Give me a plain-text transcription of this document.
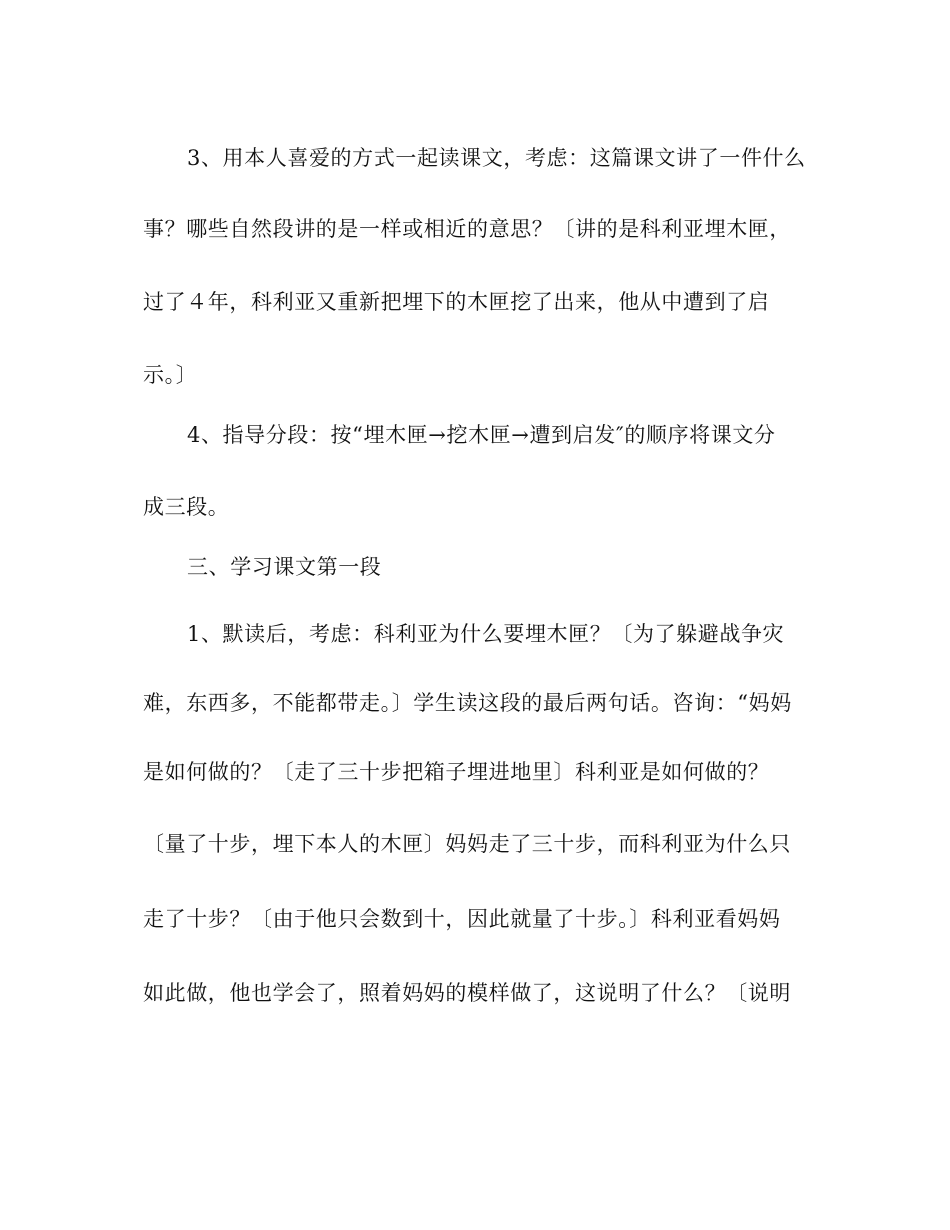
3、用本人喜爱的方式一起读课文，考虑：这篇课文讲了一件什么
事？哪些自然段讲的是一样或相近的意思？〔讲的是科利亚埋木匣，
过了４年，科利亚又重新把埋下的木匣挖了出来，他从中遭到了启
示。〕
4、指导分段：按“埋木匣→挖木匣→遭到启发″的顺序将课文分
成三段。
三、学习课文第一段
1、默读后，考虑：科利亚为什么要埋木匣？〔为了躲避战争灾
难，东西多，不能都带走。〕学生读这段的最后两句话。咨询：“妈妈
是如何做的？〔走了三十步把箱子埋进地里〕科利亚是如何做的？
〔量了十步，埋下本人的木匣〕妈妈走了三十步，而科利亚为什么只
走了十步？〔由于他只会数到十，因此就量了十步。〕科利亚看妈妈
如此做，他也学会了，照着妈妈的模样做了，这说明了什么？〔说明
